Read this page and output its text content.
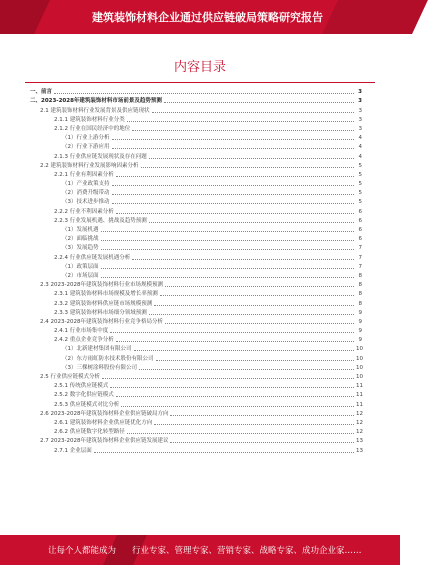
建筑装饰材料企业通过供应链破局策略研究报告
内容目录
一、前言	3
二、2023-2028年建筑装饰材料市场前景及趋势预测	3
2.1 建筑装饰材料行业发展背景及供应链现状	3
2.1.1 建筑装饰材料行业分类	3
2.1.2 行业在国民经济中的地位	3
（1）行业上游分析	4
（2）行业下游应用	4
2.1.3 行业供应链发展现状及存在问题	4
2.2 建筑装饰材料行业发展影响因素分析	5
2.2.1 行业有利因素分析	5
（1）产业政策支持	5
（2）消费升级带动	5
（3）技术进步推动	5
2.2.2 行业不利因素分析	6
2.2.3 行业发展机遇、挑战及趋势预测	6
（1）发展机遇	6
（2）面临挑战	6
（3）发展趋势	7
2.2.4 行业供应链发展机遇分析	7
（1）政策层面	7
（2）市场层面	8
2.3 2023-2028年建筑装饰材料行业市场规模预测	8
2.3.1 建筑装饰材料市场规模及增长率预测	8
2.3.2 建筑装饰材料供应链市场规模预测	8
2.3.3 建筑装饰材料市场细分领域预测	9
2.4 2023-2028年建筑装饰材料行业竞争格局分析	9
2.4.1 行业市场集中度	9
2.4.2 重点企业竞争分析	9
（1）北新建材集团有限公司	10
（2）东方雨虹防水技术股份有限公司	10
（3）三棵树涂料股份有限公司	10
2.5 行业供应链模式分析	10
2.5.1 传统供应链模式	11
2.5.2 数字化供应链模式	11
2.5.3 供应链模式对比分析	11
2.6 2023-2028年建筑装饰材料企业供应链破局方向	12
2.6.1 建筑装饰材料企业供应链优化方向	12
2.6.2 供应链数字化转型路径	12
2.7 2023-2028年建筑装饰材料企业供应链发展建议	13
2.7.1 企业层面	13
让每个人都能成为 行业专家、管理专家、营销专家、战略专家、成功企业家……
